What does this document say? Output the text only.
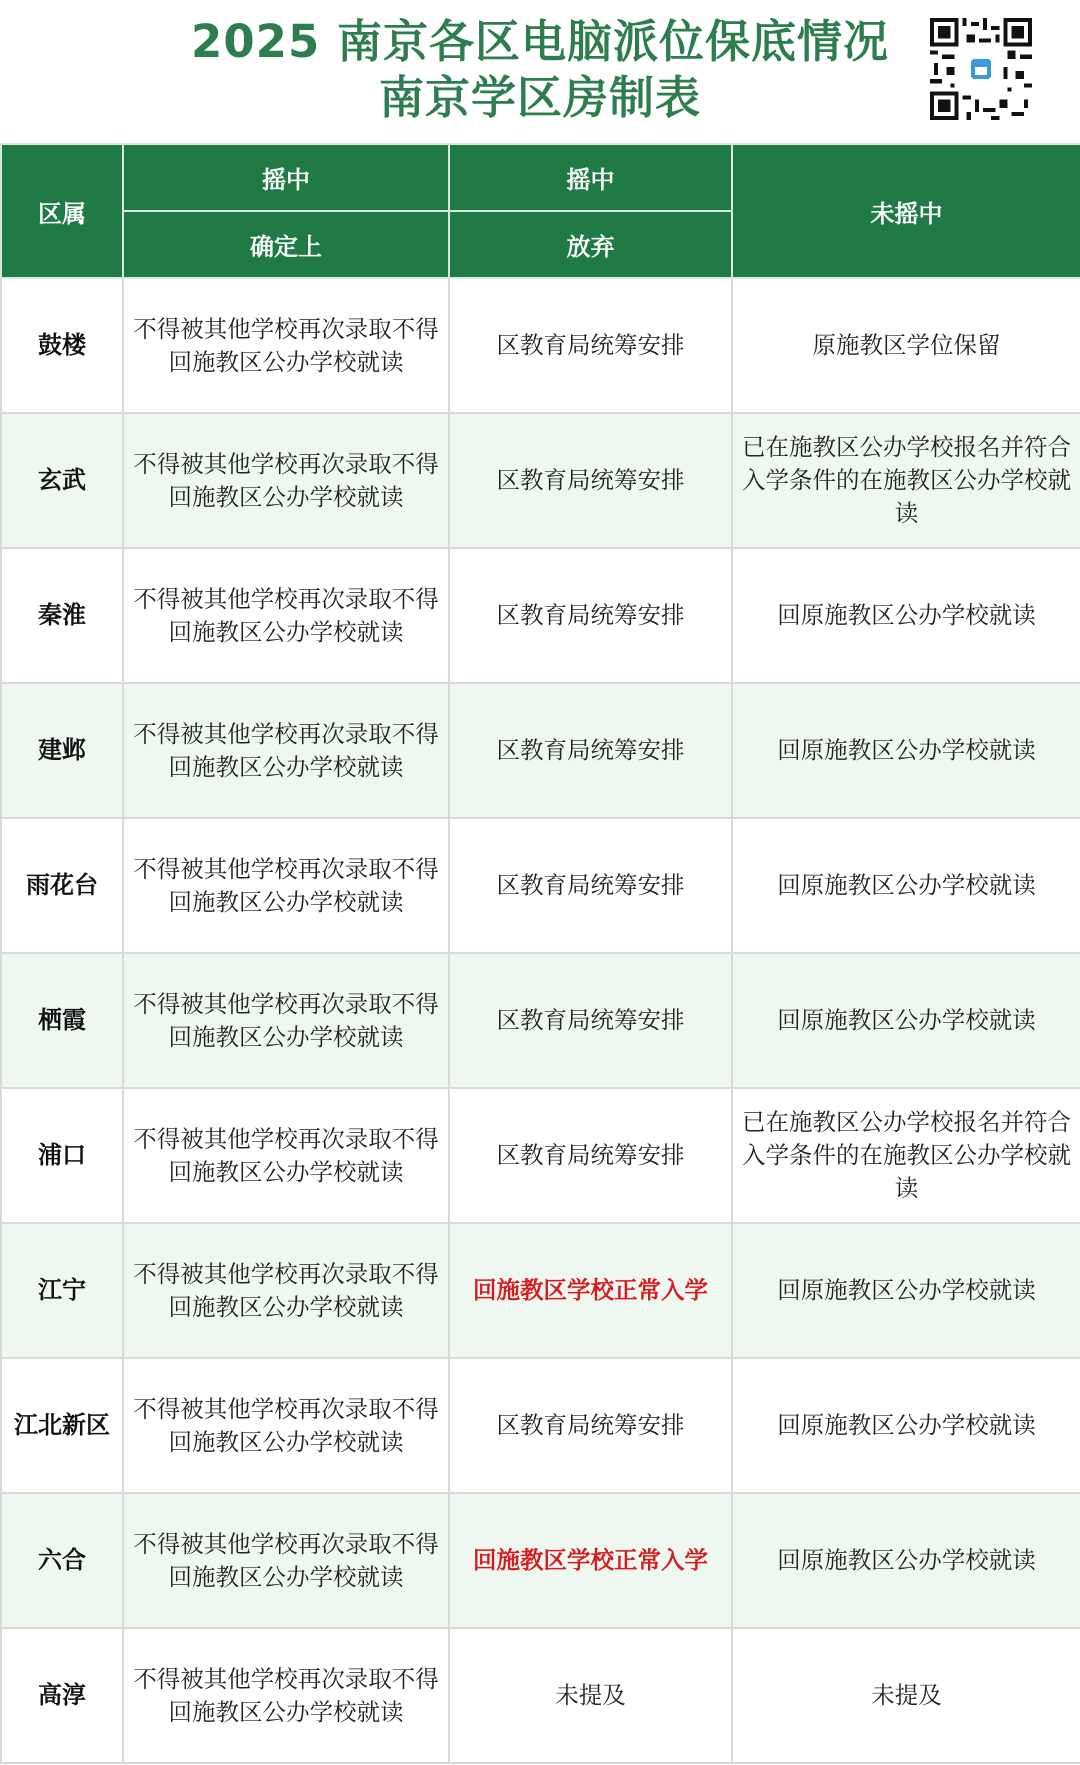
2025 南京各区电脑派位保底情况
南京学区房制表
区属	摇中	摇中	未摇中
	确定上	放弃	
鼓楼	不得被其他学校再次录取不得回施教区公办学校就读	区教育局统筹安排	原施教区学位保留
玄武	不得被其他学校再次录取不得回施教区公办学校就读	区教育局统筹安排	已在施教区公办学校报名并符合入学条件的在施教区公办学校就读
秦淮	不得被其他学校再次录取不得回施教区公办学校就读	区教育局统筹安排	回原施教区公办学校就读
建邺	不得被其他学校再次录取不得回施教区公办学校就读	区教育局统筹安排	回原施教区公办学校就读
雨花台	不得被其他学校再次录取不得回施教区公办学校就读	区教育局统筹安排	回原施教区公办学校就读
栖霞	不得被其他学校再次录取不得回施教区公办学校就读	区教育局统筹安排	回原施教区公办学校就读
浦口	不得被其他学校再次录取不得回施教区公办学校就读	区教育局统筹安排	已在施教区公办学校报名并符合入学条件的在施教区公办学校就读
江宁	不得被其他学校再次录取不得回施教区公办学校就读	回施教区学校正常入学	回原施教区公办学校就读
江北新区	不得被其他学校再次录取不得回施教区公办学校就读	区教育局统筹安排	回原施教区公办学校就读
六合	不得被其他学校再次录取不得回施教区公办学校就读	回施教区学校正常入学	回原施教区公办学校就读
高淳	不得被其他学校再次录取不得回施教区公办学校就读	未提及	未提及
